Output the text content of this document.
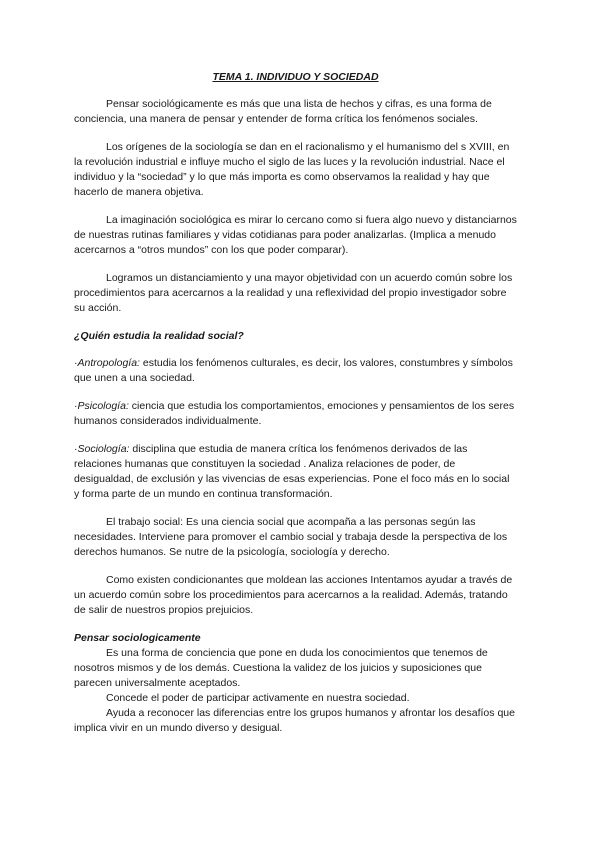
TEMA 1. INDIVIDUO Y SOCIEDAD

Pensar sociológicamente es más que una lista de hechos y cifras, es una forma de conciencia, una manera de pensar y entender de forma crítica los fenómenos sociales.

Los orígenes de la sociología se dan en el racionalismo y el humanismo del s XVIII, en la revolución industrial e influye mucho el siglo de las luces y la revolución industrial. Nace el individuo y la “sociedad” y lo que más importa es como observamos la realidad y hay que hacerlo de manera objetiva.

La imaginación sociológica es mirar lo cercano como si fuera algo nuevo y distanciarnos de nuestras rutinas familiares y vidas cotidianas para poder analizarlas. (Implica a menudo acercarnos a “otros mundos” con los que poder comparar).

Logramos un distanciamiento y una mayor objetividad con un acuerdo común sobre los procedimientos para acercarnos a la realidad y una reflexividad del propio investigador sobre su acción.

¿Quién estudia la realidad social?

·Antropología: estudia los fenómenos culturales, es decir, los valores, constumbres y símbolos que unen a una sociedad.

·Psicología: ciencia que estudia los comportamientos, emociones y pensamientos de los seres humanos considerados individualmente.

·Sociología: disciplina que estudia de manera crítica los fenómenos derivados de las relaciones humanas que constituyen la sociedad . Analiza relaciones de poder, de desigualdad, de exclusión y las vivencias de esas experiencias. Pone el foco más en lo social y forma parte de un mundo en continua transformación.

El trabajo social: Es una ciencia social que acompaña a las personas según las necesidades. Interviene para promover el cambio social y trabaja desde la perspectiva de los derechos humanos. Se nutre de la psicología, sociología y derecho.

Como existen condicionantes que moldean las acciones Intentamos ayudar a través de un acuerdo común sobre los procedimientos para acercarnos a la realidad. Además, tratando de salir de nuestros propios prejuicios.

Pensar sociologicamente

Es una forma de conciencia que pone en duda los conocimientos que tenemos de nosotros mismos y de los demás. Cuestiona la validez de los juicios y suposiciones que parecen universalmente aceptados.

Concede el poder de participar activamente en nuestra sociedad.

Ayuda a reconocer las diferencias entre los grupos humanos y afrontar los desafíos que implica vivir en un mundo diverso y desigual.
